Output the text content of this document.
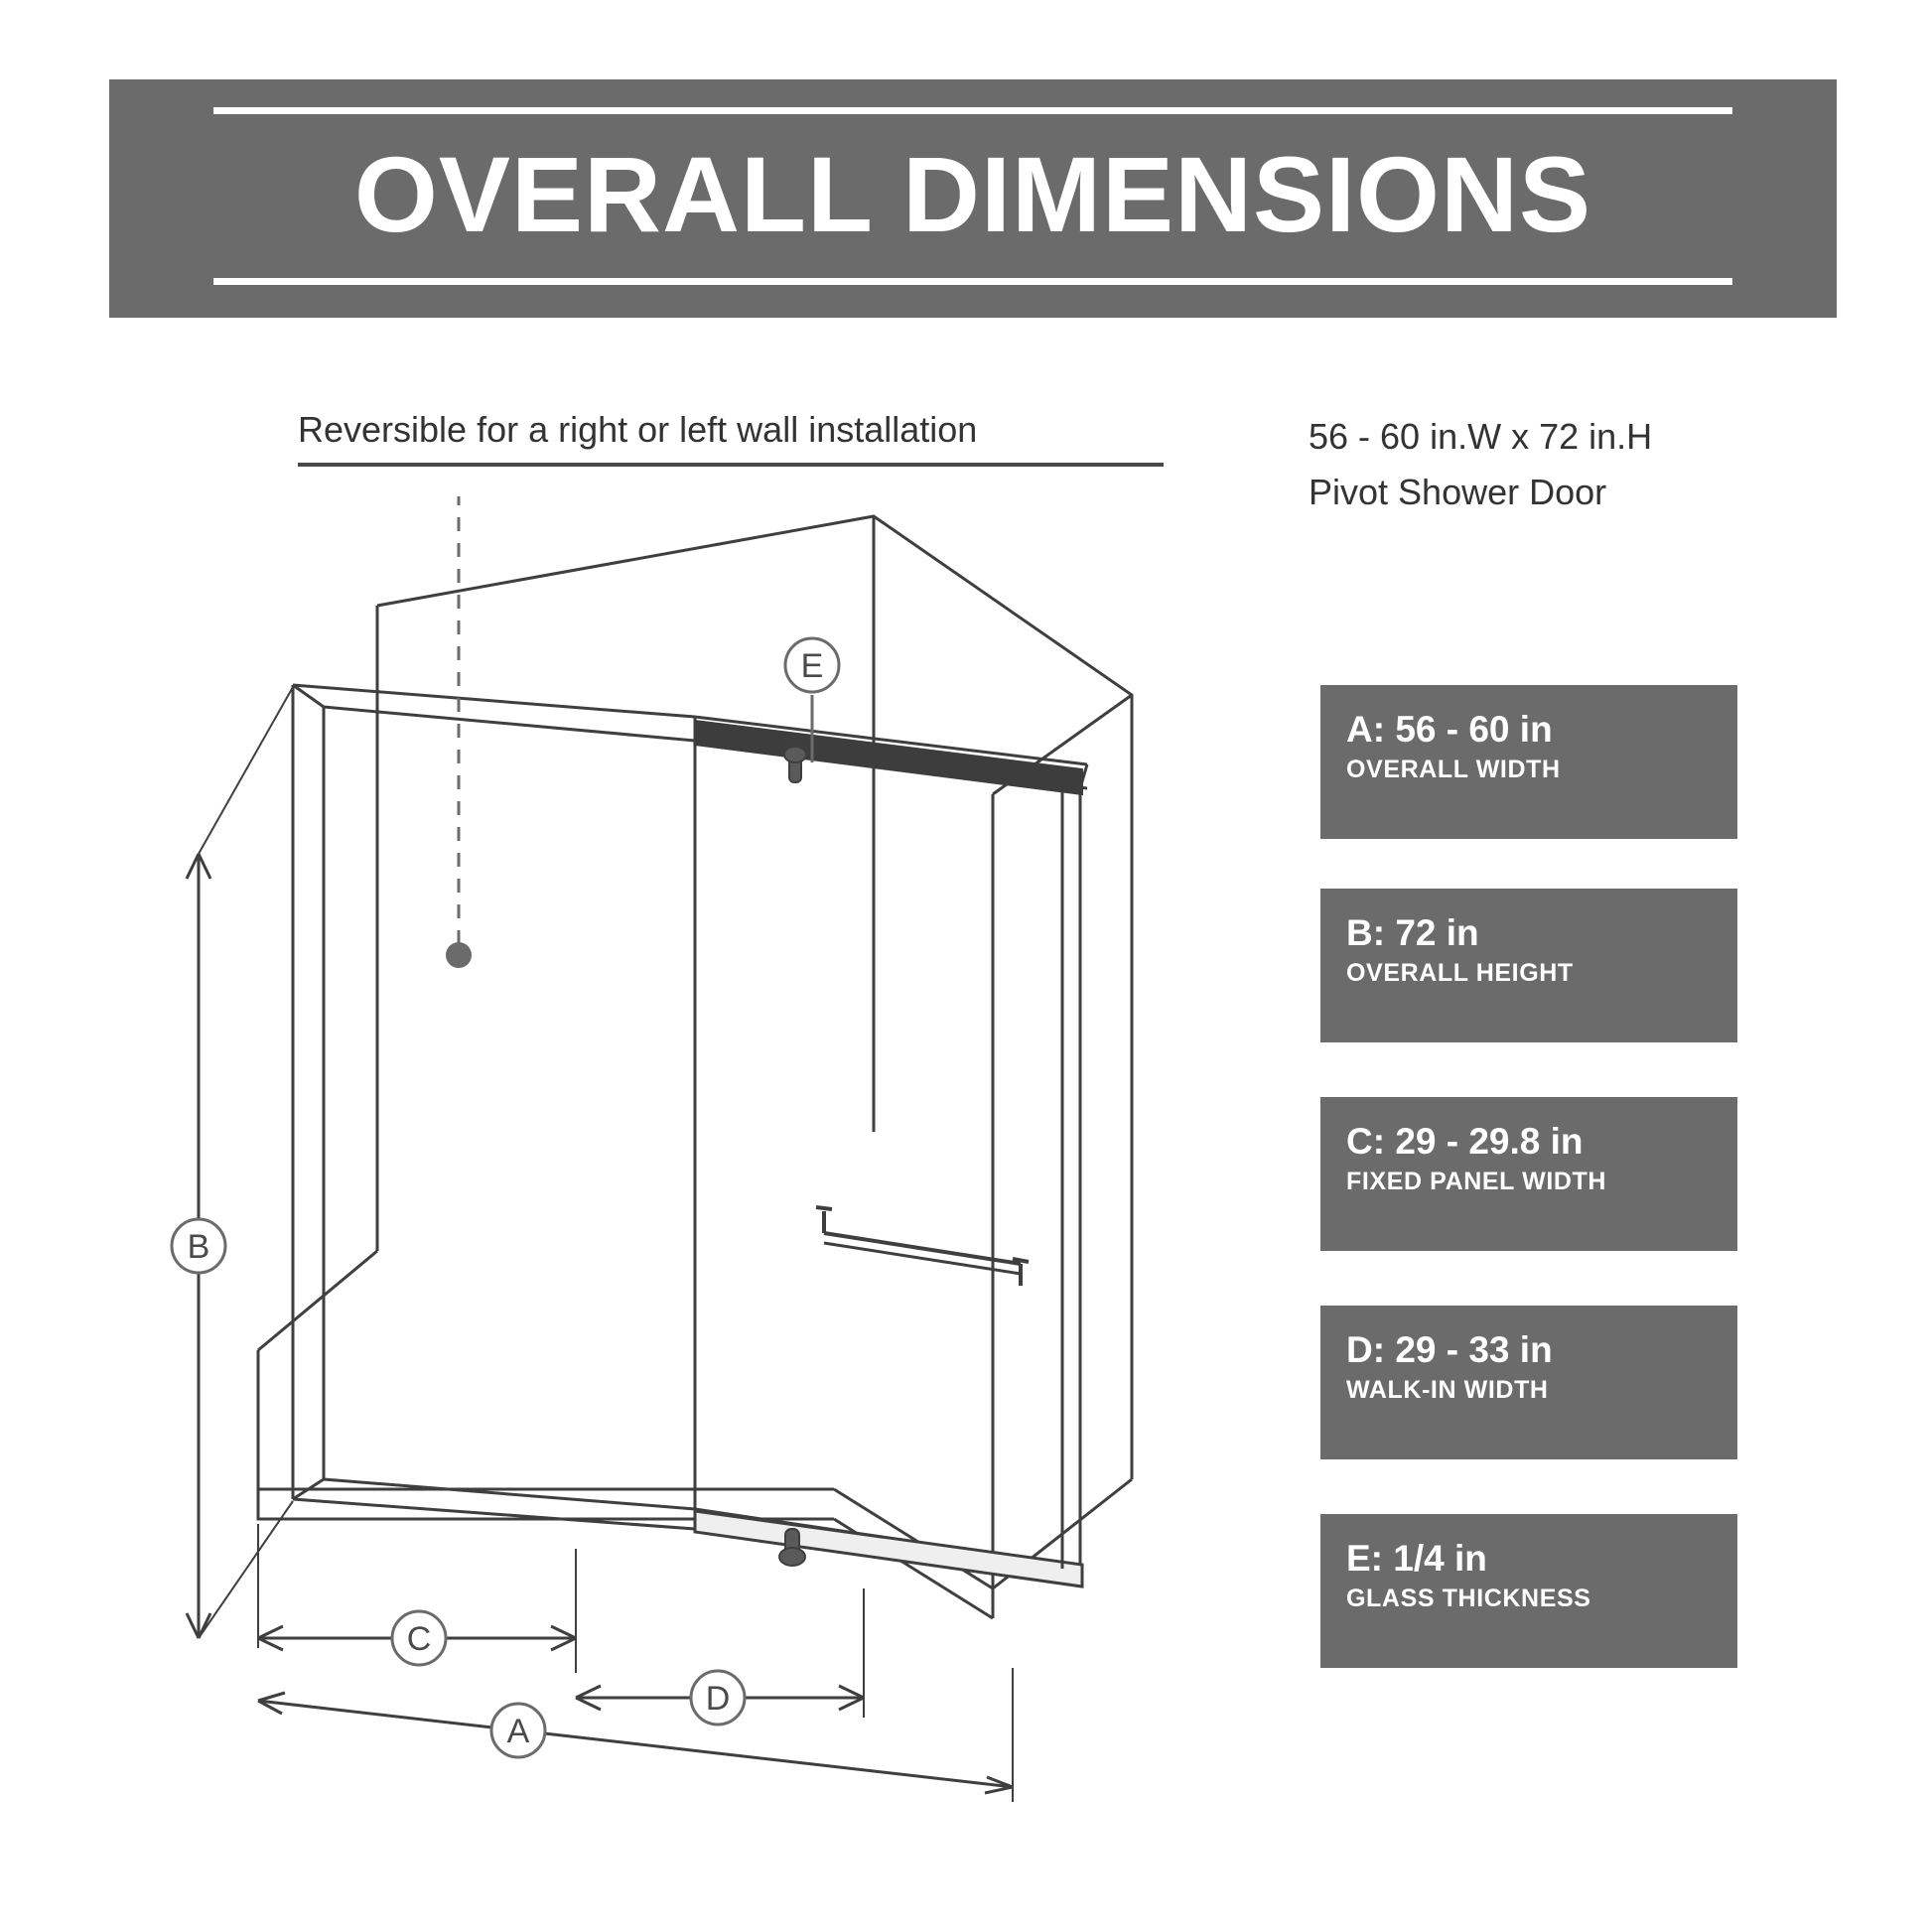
OVERALL DIMENSIONS
Reversible for a right or left wall installation	56 - 60 in.W x 72 in.H
Pivot Shower Door
A: 56 - 60 in
OVERALL WIDTH
B: 72 in
OVERALL HEIGHT
C: 29 - 29.8 in
FIXED PANEL WIDTH
D: 29 - 33 in
WALK-IN WIDTH
E: 1/4 in
GLASS THICKNESS
B
C
D
A
E
